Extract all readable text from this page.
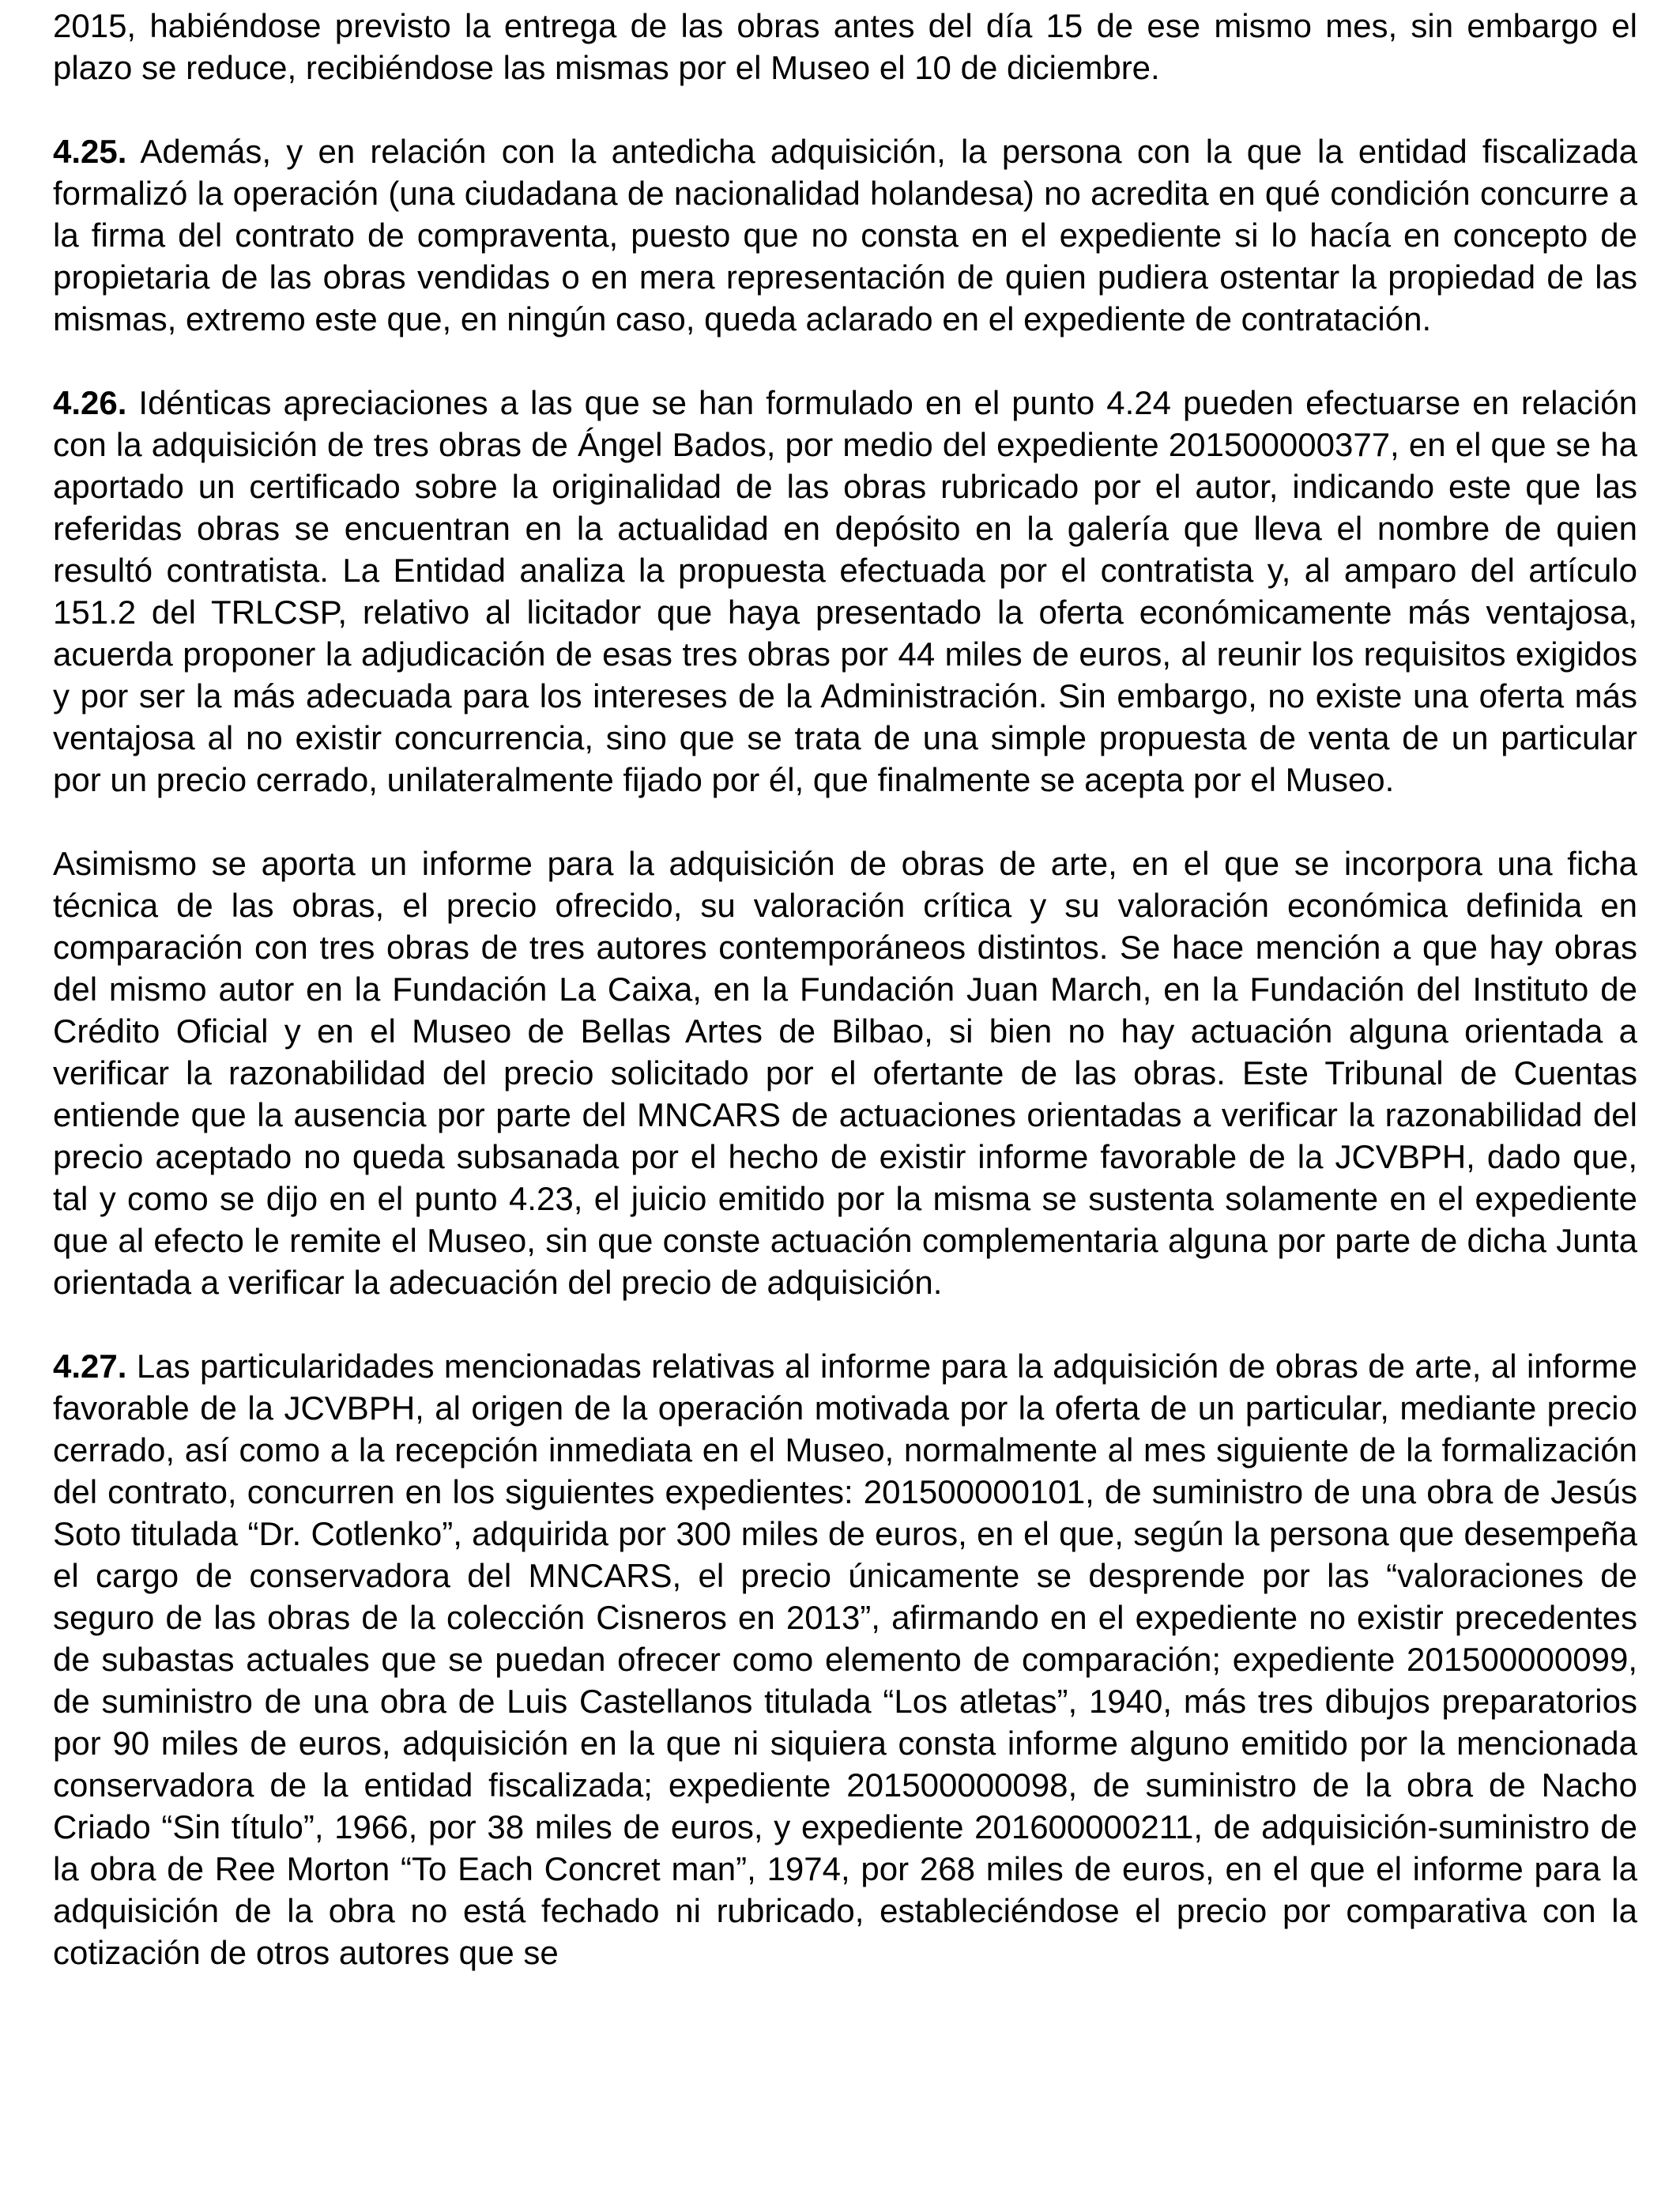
2015, habiéndose previsto la entrega de las obras antes del día 15 de ese mismo mes, sin embargo el plazo se reduce, recibiéndose las mismas por el Museo el 10 de diciembre.

4.25. Además, y en relación con la antedicha adquisición, la persona con la que la entidad fiscalizada formalizó la operación (una ciudadana de nacionalidad holandesa) no acredita en qué condición concurre a la firma del contrato de compraventa, puesto que no consta en el expediente si lo hacía en concepto de propietaria de las obras vendidas o en mera representación de quien pudiera ostentar la propiedad de las mismas, extremo este que, en ningún caso, queda aclarado en el expediente de contratación.

4.26. Idénticas apreciaciones a las que se han formulado en el punto 4.24 pueden efectuarse en relación con la adquisición de tres obras de Ángel Bados, por medio del expediente 201500000377, en el que se ha aportado un certificado sobre la originalidad de las obras rubricado por el autor, indicando este que las referidas obras se encuentran en la actualidad en depósito en la galería que lleva el nombre de quien resultó contratista. La Entidad analiza la propuesta efectuada por el contratista y, al amparo del artículo 151.2 del TRLCSP, relativo al licitador que haya presentado la oferta económicamente más ventajosa, acuerda proponer la adjudicación de esas tres obras por 44 miles de euros, al reunir los requisitos exigidos y por ser la más adecuada para los intereses de la Administración. Sin embargo, no existe una oferta más ventajosa al no existir concurrencia, sino que se trata de una simple propuesta de venta de un particular por un precio cerrado, unilateralmente fijado por él, que finalmente se acepta por el Museo.

Asimismo se aporta un informe para la adquisición de obras de arte, en el que se incorpora una ficha técnica de las obras, el precio ofrecido, su valoración crítica y su valoración económica definida en comparación con tres obras de tres autores contemporáneos distintos. Se hace mención a que hay obras del mismo autor en la Fundación La Caixa, en la Fundación Juan March, en la Fundación del Instituto de Crédito Oficial y en el Museo de Bellas Artes de Bilbao, si bien no hay actuación alguna orientada a verificar la razonabilidad del precio solicitado por el ofertante de las obras. Este Tribunal de Cuentas entiende que la ausencia por parte del MNCARS de actuaciones orientadas a verificar la razonabilidad del precio aceptado no queda subsanada por el hecho de existir informe favorable de la JCVBPH, dado que, tal y como se dijo en el punto 4.23, el juicio emitido por la misma se sustenta solamente en el expediente que al efecto le remite el Museo, sin que conste actuación complementaria alguna por parte de dicha Junta orientada a verificar la adecuación del precio de adquisición.

4.27. Las particularidades mencionadas relativas al informe para la adquisición de obras de arte, al informe favorable de la JCVBPH, al origen de la operación motivada por la oferta de un particular, mediante precio cerrado, así como a la recepción inmediata en el Museo, normalmente al mes siguiente de la formalización del contrato, concurren en los siguientes expedientes: 201500000101, de suministro de una obra de Jesús Soto titulada “Dr. Cotlenko”, adquirida por 300 miles de euros, en el que, según la persona que desempeña el cargo de conservadora del MNCARS, el precio únicamente se desprende por las “valoraciones de seguro de las obras de la colección Cisneros en 2013”, afirmando en el expediente no existir precedentes de subastas actuales que se puedan ofrecer como elemento de comparación; expediente 201500000099, de suministro de una obra de Luis Castellanos titulada “Los atletas”, 1940, más tres dibujos preparatorios por 90 miles de euros, adquisición en la que ni siquiera consta informe alguno emitido por la mencionada conservadora de la entidad fiscalizada; expediente 201500000098, de suministro de la obra de Nacho Criado “Sin título”, 1966, por 38 miles de euros, y expediente 201600000211, de adquisición-suministro de la obra de Ree Morton “To Each Concret man”, 1974, por 268 miles de euros, en el que el informe para la adquisición de la obra no está fechado ni rubricado, estableciéndose el precio por comparativa con la cotización de otros autores que se
